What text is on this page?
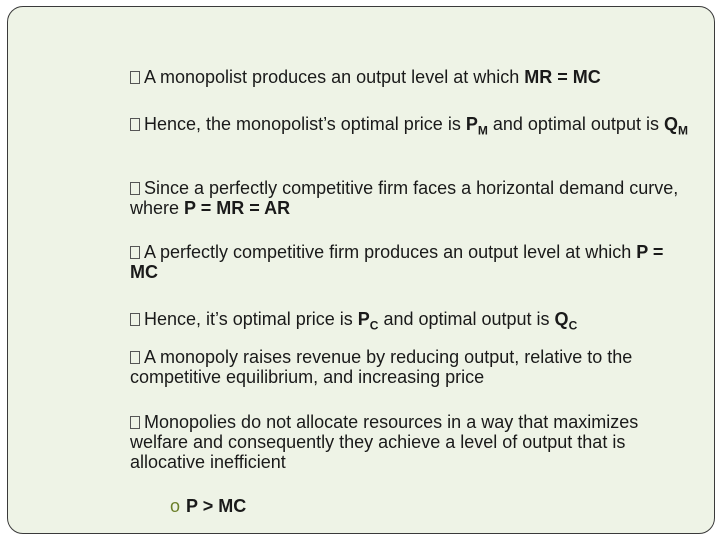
A monopolist produces an output level at which MR = MC
Hence, the monopolist’s optimal price is $P_M$ and optimal output is $Q_M$
Since a perfectly competitive firm faces a horizontal demand curve, where P = MR = AR
A perfectly competitive firm produces an output level at which P = MC
Hence, it’s optimal price is $P_C$ and optimal output is $Q_C$
A monopoly raises revenue by reducing output, relative to the competitive equilibrium, and increasing price
Monopolies do not allocate resources in a way that maximizes welfare and consequently they achieve a level of output that is allocative inefficient
o P > MC
